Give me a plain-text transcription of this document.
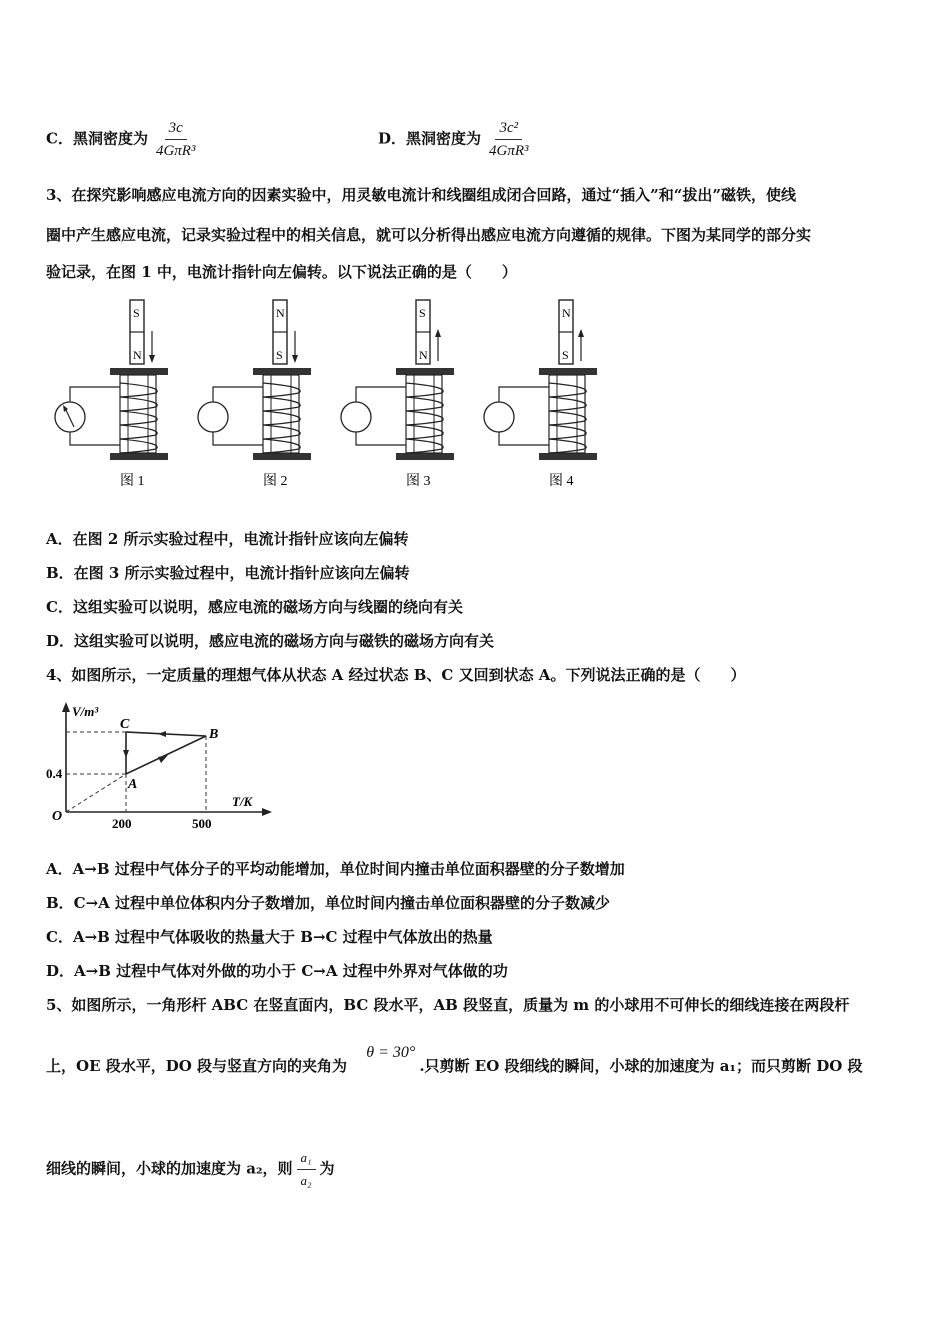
C．黑洞密度为 $\frac{3c}{\text{4GπR³}}$	D．黑洞密度为 $\frac{\text{3c²}}{\text{4GπR³}}$
3、在探究影响感应电流方向的因素实验中，用灵敏电流计和线圈组成闭合回路，通过“插入”和“拔出”磁铁，使线
圈中产生感应电流，记录实验过程中的相关信息，就可以分析得出感应电流方向遵循的规律。下图为某同学的部分实
验记录，在图 1 中，电流计指针向左偏转。以下说法正确的是（　　）
S
N
图 1
N
S
图 2
S
N
图 3
N
S
图 4
A．在图 2 所示实验过程中，电流计指针应该向左偏转
B．在图 3 所示实验过程中，电流计指针应该向左偏转
C．这组实验可以说明，感应电流的磁场方向与线圈的绕向有关
D．这组实验可以说明，感应电流的磁场方向与磁铁的磁场方向有关
4、如图所示，一定质量的理想气体从状态 A 经过状态 B、C 又回到状态 A。下列说法正确的是（　　）
V/m³
T/K
O
0.4
200	500
A
B
C
A．A→B 过程中气体分子的平均动能增加，单位时间内撞击单位面积器壁的分子数增加
B．C→A 过程中单位体积内分子数增加，单位时间内撞击单位面积器壁的分子数减少
C．A→B 过程中气体吸收的热量大于 B→C 过程中气体放出的热量
D．A→B 过程中气体对外做的功小于 C→A 过程中外界对气体做的功
5、如图所示，一角形杆 ABC 在竖直面内，BC 段水平，AB 段竖直，质量为 m 的小球用不可伸长的细线连接在两段杆
上，OE 段水平，DO 段与竖直方向的夹角为 θ = 30°.只剪断 EO 段细线的瞬间，小球的加速度为 a₁；而只剪断 DO 段
细线的瞬间，小球的加速度为 a₂，则 $\frac{\text{a₁}}{\text{a₂}}$ 为
